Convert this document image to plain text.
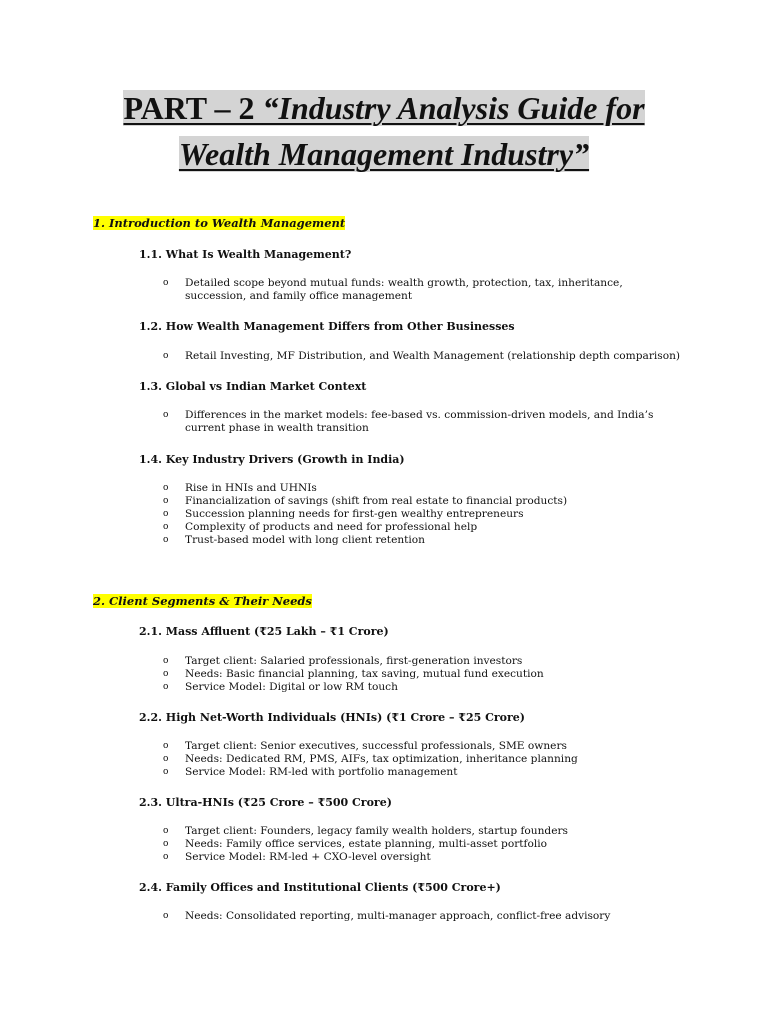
PART – 2 “Industry Analysis Guide for
Wealth Management Industry”
1. Introduction to Wealth Management
1.1. What Is Wealth Management?
o Detailed scope beyond mutual funds: wealth growth, protection, tax, inheritance, succession, and family office management
1.2. How Wealth Management Differs from Other Businesses
o Retail Investing, MF Distribution, and Wealth Management (relationship depth comparison)
1.3. Global vs Indian Market Context
o Differences in the market models: fee-based vs. commission-driven models, and India’s current phase in wealth transition
1.4. Key Industry Drivers (Growth in India)
o Rise in HNIs and UHNIs
o Financialization of savings (shift from real estate to financial products)
o Succession planning needs for first-gen wealthy entrepreneurs
o Complexity of products and need for professional help
o Trust-based model with long client retention
2. Client Segments & Their Needs
2.1. Mass Affluent (₹25 Lakh – ₹1 Crore)
o Target client: Salaried professionals, first-generation investors
o Needs: Basic financial planning, tax saving, mutual fund execution
o Service Model: Digital or low RM touch
2.2. High Net-Worth Individuals (HNIs) (₹1 Crore – ₹25 Crore)
o Target client: Senior executives, successful professionals, SME owners
o Needs: Dedicated RM, PMS, AIFs, tax optimization, inheritance planning
o Service Model: RM-led with portfolio management
2.3. Ultra-HNIs (₹25 Crore – ₹500 Crore)
o Target client: Founders, legacy family wealth holders, startup founders
o Needs: Family office services, estate planning, multi-asset portfolio
o Service Model: RM-led + CXO-level oversight
2.4. Family Offices and Institutional Clients (₹500 Crore+)
o Needs: Consolidated reporting, multi-manager approach, conflict-free advisory
